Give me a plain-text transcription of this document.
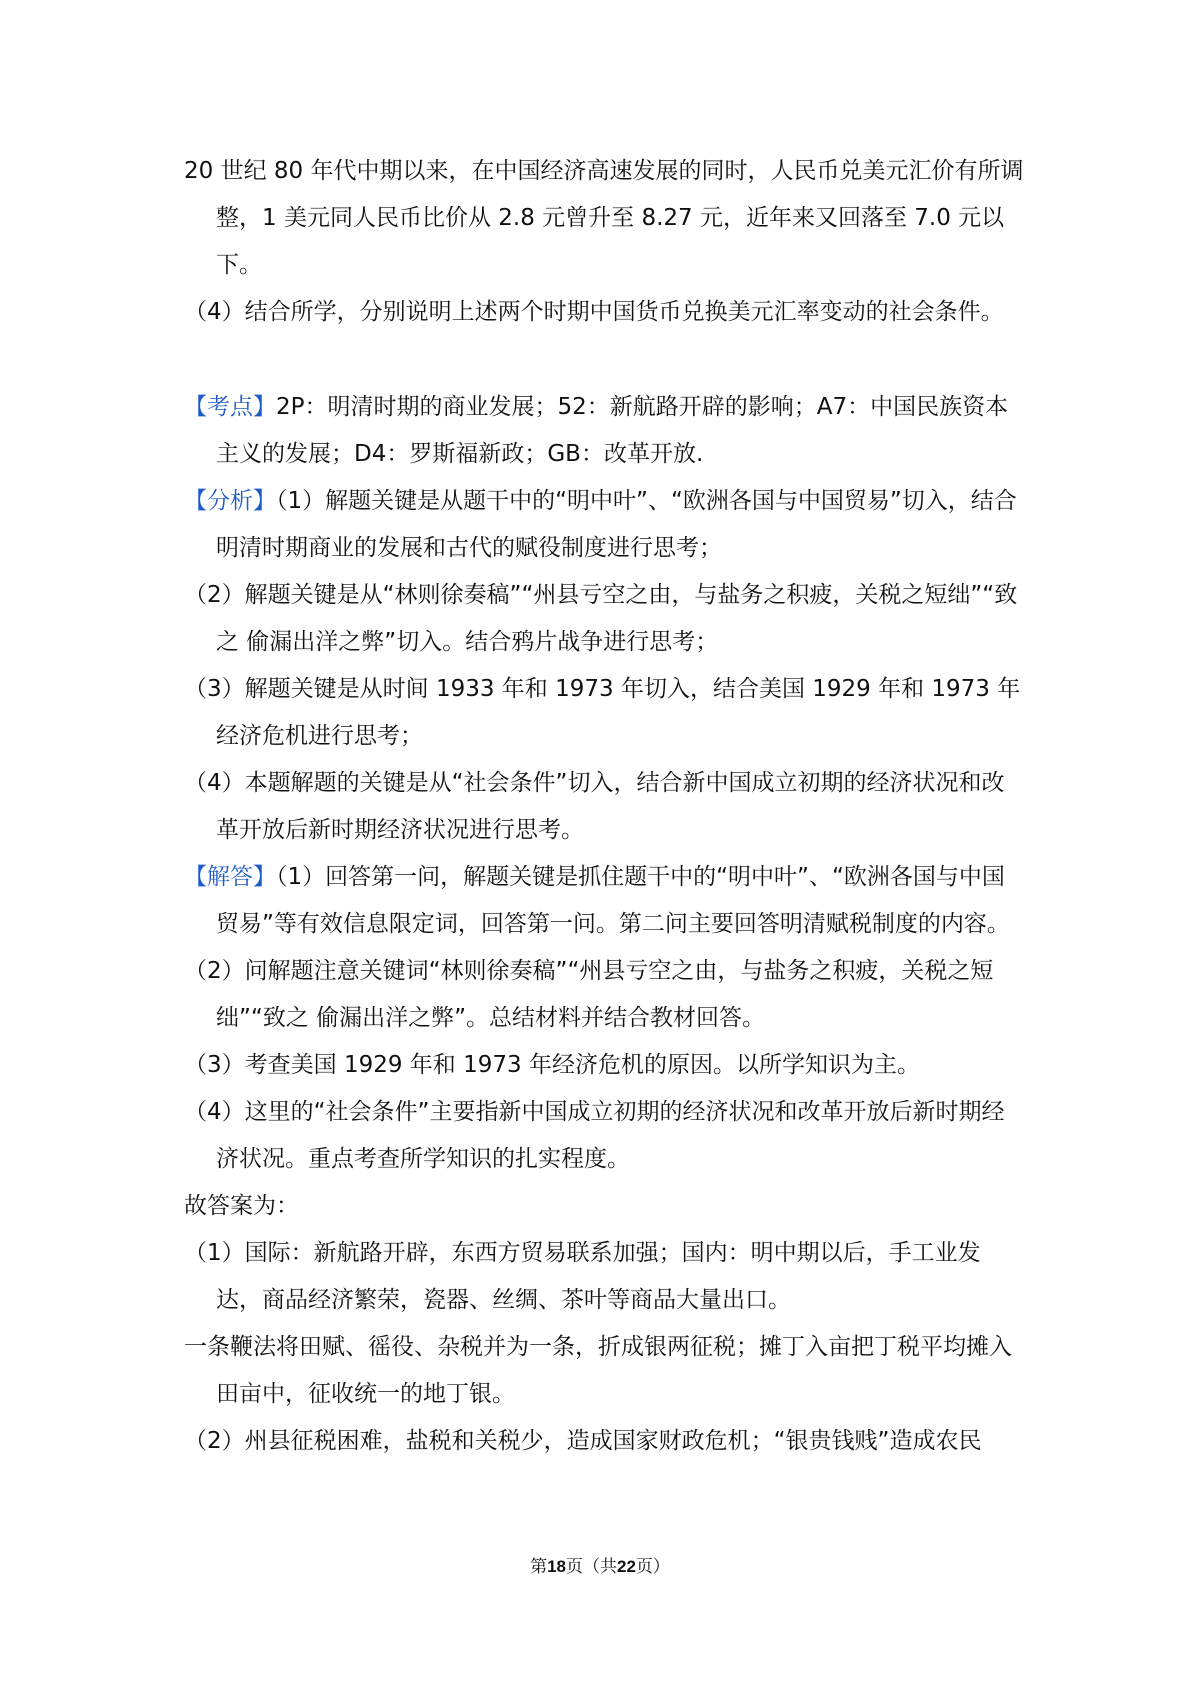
20 世纪 80 年代中期以来，在中国经济高速发展的同时，人民币兑美元汇价有所调整，1 美元同人民币比价从 2.8 元曾升至 8.27 元，近年来又回落至 7.0 元以下。

（4）结合所学，分别说明上述两个时期中国货币兑换美元汇率变动的社会条件。

【考点】2P：明清时期的商业发展；52：新航路开辟的影响；A7：中国民族资本主义的发展；D4：罗斯福新政；GB：改革开放.

【分析】（1）解题关键是从题干中的“明中叶”、“欧洲各国与中国贸易”切入，结合明清时期商业的发展和古代的赋役制度进行思考；

（2）解题关键是从“林则徐奏稿”“州县亏空之由，与盐务之积疲，关税之短绌”“致之 偷漏出洋之弊”切入。结合鸦片战争进行思考；

（3）解题关键是从时间 1933 年和 1973 年切入，结合美国 1929 年和 1973 年经济危机进行思考；

（4）本题解题的关键是从“社会条件”切入，结合新中国成立初期的经济状况和改革开放后新时期经济状况进行思考。

【解答】（1）回答第一问，解题关键是抓住题干中的“明中叶”、“欧洲各国与中国贸易”等有效信息限定词，回答第一问。第二问主要回答明清赋税制度的内容。

（2）问解题注意关键词“林则徐奏稿”“州县亏空之由，与盐务之积疲，关税之短绌”“致之 偷漏出洋之弊”。总结材料并结合教材回答。

（3）考查美国 1929 年和 1973 年经济危机的原因。以所学知识为主。

（4）这里的“社会条件”主要指新中国成立初期的经济状况和改革开放后新时期经济状况。重点考查所学知识的扎实程度。

故答案为：

（1）国际：新航路开辟，东西方贸易联系加强；国内：明中期以后，手工业发达，商品经济繁荣，瓷器、丝绸、茶叶等商品大量出口。

一条鞭法将田赋、徭役、杂税并为一条，折成银两征税；摊丁入亩把丁税平均摊入田亩中，征收统一的地丁银。

（2）州县征税困难，盐税和关税少，造成国家财政危机；“银贵钱贱”造成农民

第18页（共22页）
